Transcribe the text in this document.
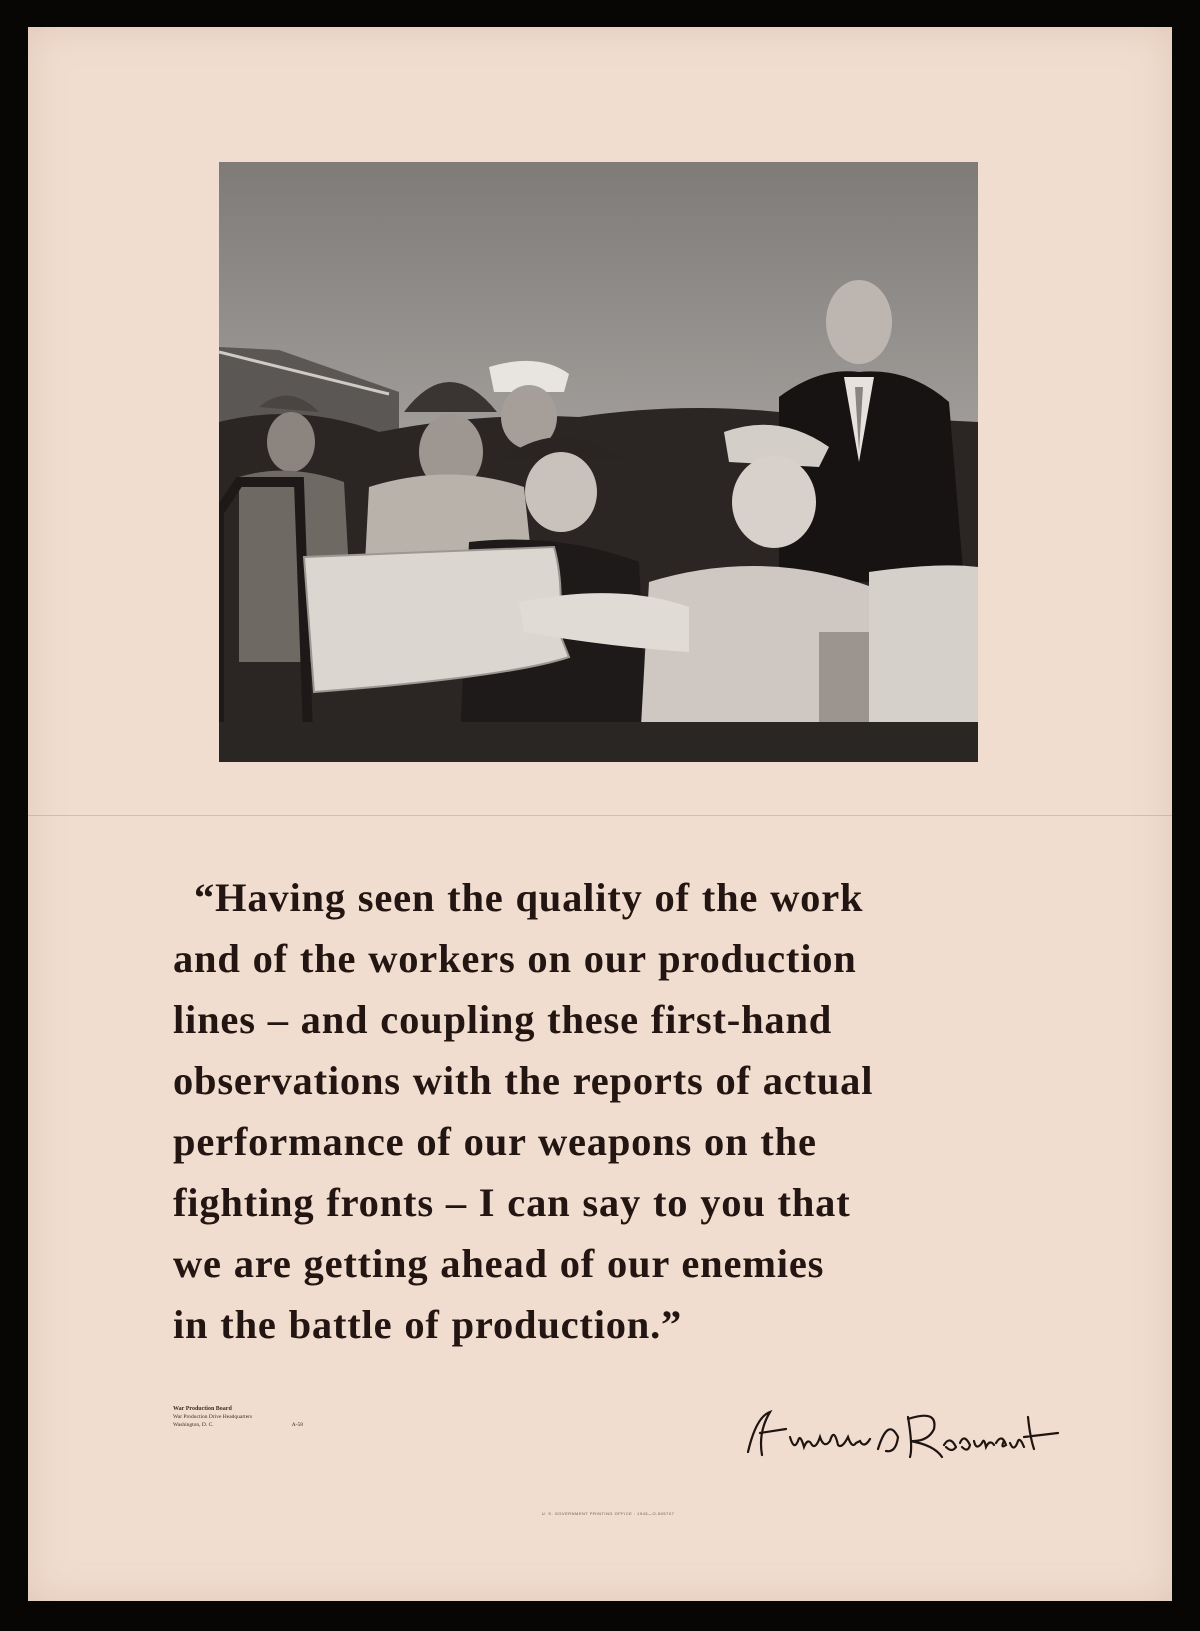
“Having seen the quality of the work
and of the workers on our production
lines – and coupling these first-hand
observations with the reports of actual
performance of our weapons on the
fighting fronts – I can say to you that
we are getting ahead of our enemies
in the battle of production.”

War Production Board
War Production Drive Headquarters
Washington, D. C.	A-58
U. S. GOVERNMENT PRINTING OFFICE : 1943—O-505707
